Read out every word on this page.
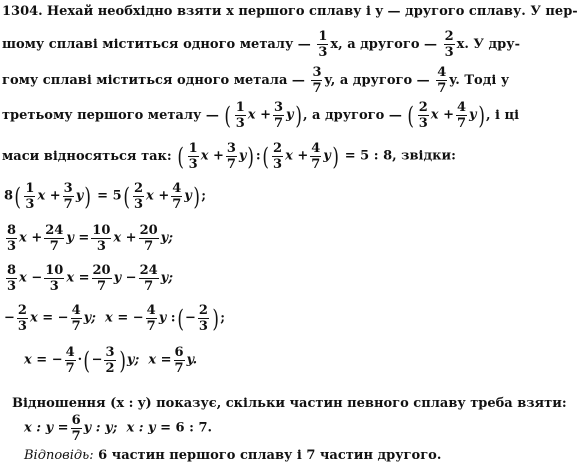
1304. Нехай необхідно взяти x першого сплаву і y — другого сплаву. У пер-
шому сплаві міститься одного металу — $\frac{1}{3} x$, а другого — $\frac{2}{3} x$. У дру-
гому сплаві міститься одного метала — $\frac{3}{7} y$, а другого — $\frac{4}{7} y$. Тоді у
третьому першого металу — ( $\frac{1}{3}$ $x + \frac{3}{7} y$), а другого — ( $\frac{2}{3}$ $x + \frac{4}{7} y$), і ці
маси відносяться так: ( $\frac{1}{3}$ $x + \frac{3}{7}$ y):( $\frac{2}{3}$ $x + \frac{4}{7} y) = 5$ : 8, звідки:
$8( \frac{1}{3}$ $x + \frac{3}{7} y) = 5( \frac{2}{3}$ $x + \frac{4}{7} y$);
$\frac{8}{3}$ $x + \frac{24}{7}$ $y = \frac{10}{3}$ $x + \frac{20}{7} y$;
$\frac{8}{3}$ $x - \frac{10}{3}$ $x = \frac{20}{7}$ $y - \frac{24}{7} y$;
− $\frac{2}{3}$ x = − $\frac{4}{7} y$; x = − $\frac{4}{7}$ y :(− $\frac{2}{3}$ );
x = − $\frac{4}{7}$ ·(− $\frac{3}{2} )y$; $x = \frac{6}{7} y$.
Відношення (x : y) показує, скільки частин певного сплаву треба взяти:
x : $y = \frac{6}{7}$ y : y; x : y = 6 : 7.
Відповідь: 6 частин першого сплаву і 7 частин другого.
